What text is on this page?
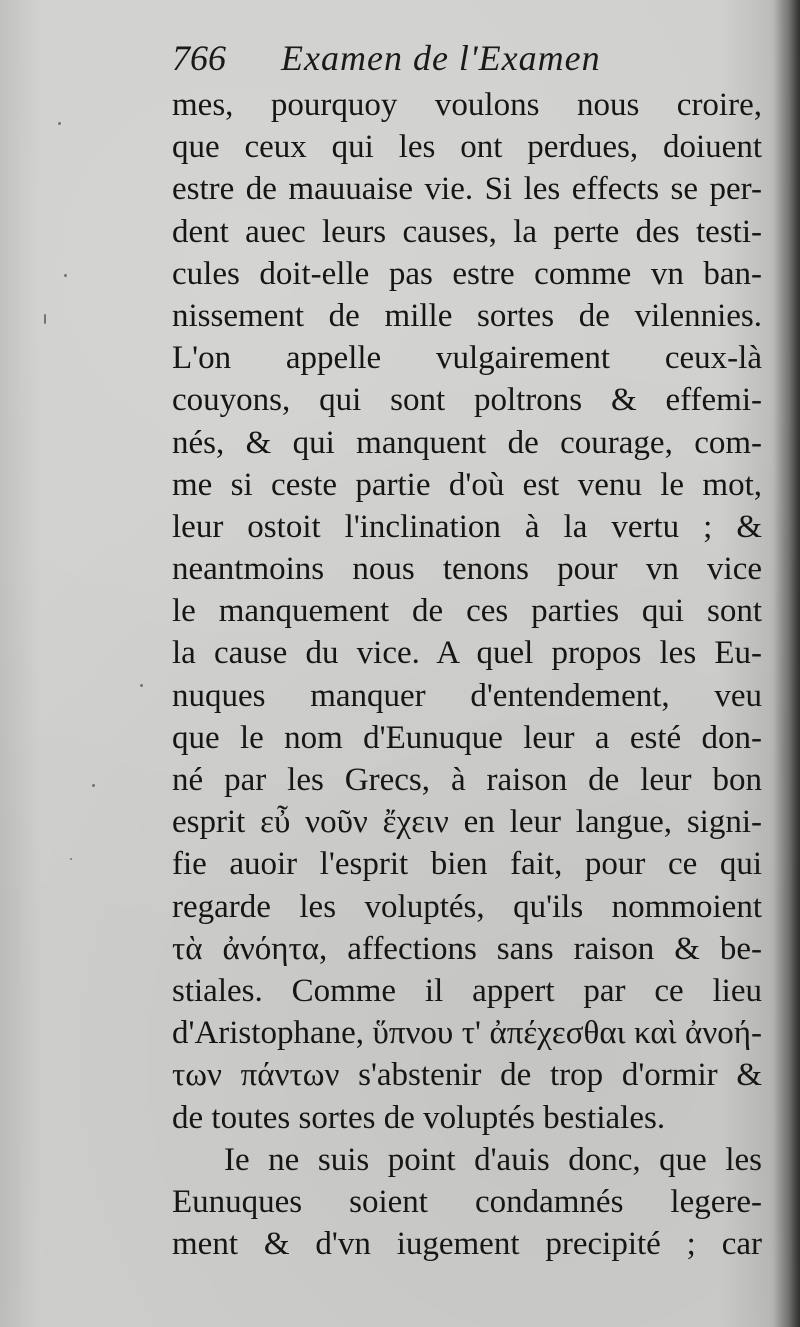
766 Examen de l'Examen
mes, pourquoy voulons nous croire,
que ceux qui les ont perdues, doiuent
estre de mauuaise vie. Si les effects se per-
dent auec leurs causes, la perte des testi-
cules doit-elle pas estre comme vn ban-
nissement de mille sortes de vilennies.
L'on appelle vulgairement ceux-là
couyons, qui sont poltrons & effemi-
nés, & qui manquent de courage, com-
me si ceste partie d'où est venu le mot,
leur ostoit l'inclination à la vertu ; &
neantmoins nous tenons pour vn vice
le manquement de ces parties qui sont
la cause du vice. A quel propos les Eu-
nuques manquer d'entendement, veu
que le nom d'Eunuque leur a esté don-
né par les Grecs, à raison de leur bon
esprit εὖ νοῦν ἔχειν en leur langue, signi-
fie auoir l'esprit bien fait, pour ce qui
regarde les voluptés, qu'ils nommoient
τὰ ἀνόητα, affections sans raison & be-
stiales. Comme il appert par ce lieu
d'Aristophane, ὕπνου τ' ἀπέχεσθαι καὶ ἀνοή-
των πάντων s'abstenir de trop d'ormir &
de toutes sortes de voluptés bestiales.
Ie ne suis point d'auis donc, que les
Eunuques soient condamnés legere-
ment & d'vn iugement precipité ; car
